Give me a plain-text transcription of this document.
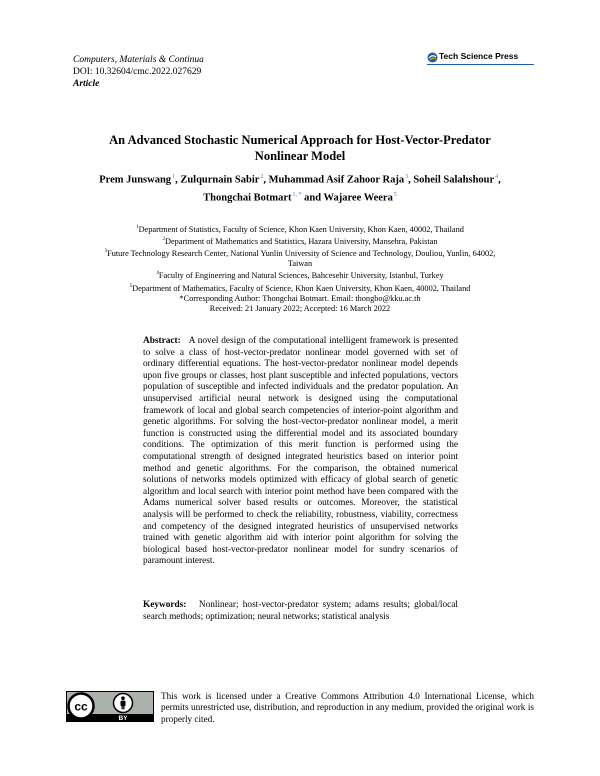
Computers, Materials & Continua
DOI: 10.32604/cmc.2022.027629
Article
Tech Science Press
An Advanced Stochastic Numerical Approach for Host-Vector-Predator
Nonlinear Model
Prem Junswang$^1$, Zulqurnain Sabir$^2$, Muhammad Asif Zahoor Raja$^3$, Soheil Salahshour$^4$,
Thongchai Botmart$^{1, *}$ and Wajaree Weera$^5$
$^1$Department of Statistics, Faculty of Science, Khon Kaen University, Khon Kaen, 40002, Thailand
$^2$Department of Mathematics and Statistics, Hazara University, Mansehra, Pakistan
$^3$Future Technology Research Center, National Yunlin University of Science and Technology, Douliou, Yunlin, 64002,
Taiwan
$^4$Faculty of Engineering and Natural Sciences, Bahcesehir University, Istanbul, Turkey
$^5$Department of Mathematics, Faculty of Science, Khon Kaen University, Khon Kaen, 40002, Thailand
*Corresponding Author: Thongchai Botmart. Email: thongbo@kku.ac.th
Received: 21 January 2022; Accepted: 16 March 2022
Abstract: A novel design of the computational intelligent framework is presented to solve a class of host-vector-predator nonlinear model governed with set of ordinary differential equations. The host-vector-predator nonlinear model depends upon five groups or classes, host plant susceptible and infected populations, vectors population of susceptible and infected individuals and the predator population. An unsupervised artificial neural network is designed using the computational framework of local and global search competencies of interior-point algorithm and genetic algorithms. For solving the host-vector-predator nonlinear model, a merit function is constructed using the differential model and its associated boundary conditions. The optimization of this merit function is performed using the computational strength of designed integrated heuristics based on interior point method and genetic algorithms. For the comparison, the obtained numerical solutions of networks models optimized with efficacy of global search of genetic algorithm and local search with interior point method have been compared with the Adams numerical solver based results or outcomes. Moreover, the statistical analysis will be performed to check the reliability, robustness, viability, correctness and competency of the designed integrated heuristics of unsupervised networks trained with genetic algorithm aid with interior point algorithm for solving the biological based host-vector-predator nonlinear model for sundry scenarios of paramount interest.
Keywords: Nonlinear; host-vector-predator system; adams results; global/local search methods; optimization; neural networks; statistical analysis
cc
BY
This work is licensed under a Creative Commons Attribution 4.0 International License, which permits unrestricted use, distribution, and reproduction in any medium, provided the original work is properly cited.
